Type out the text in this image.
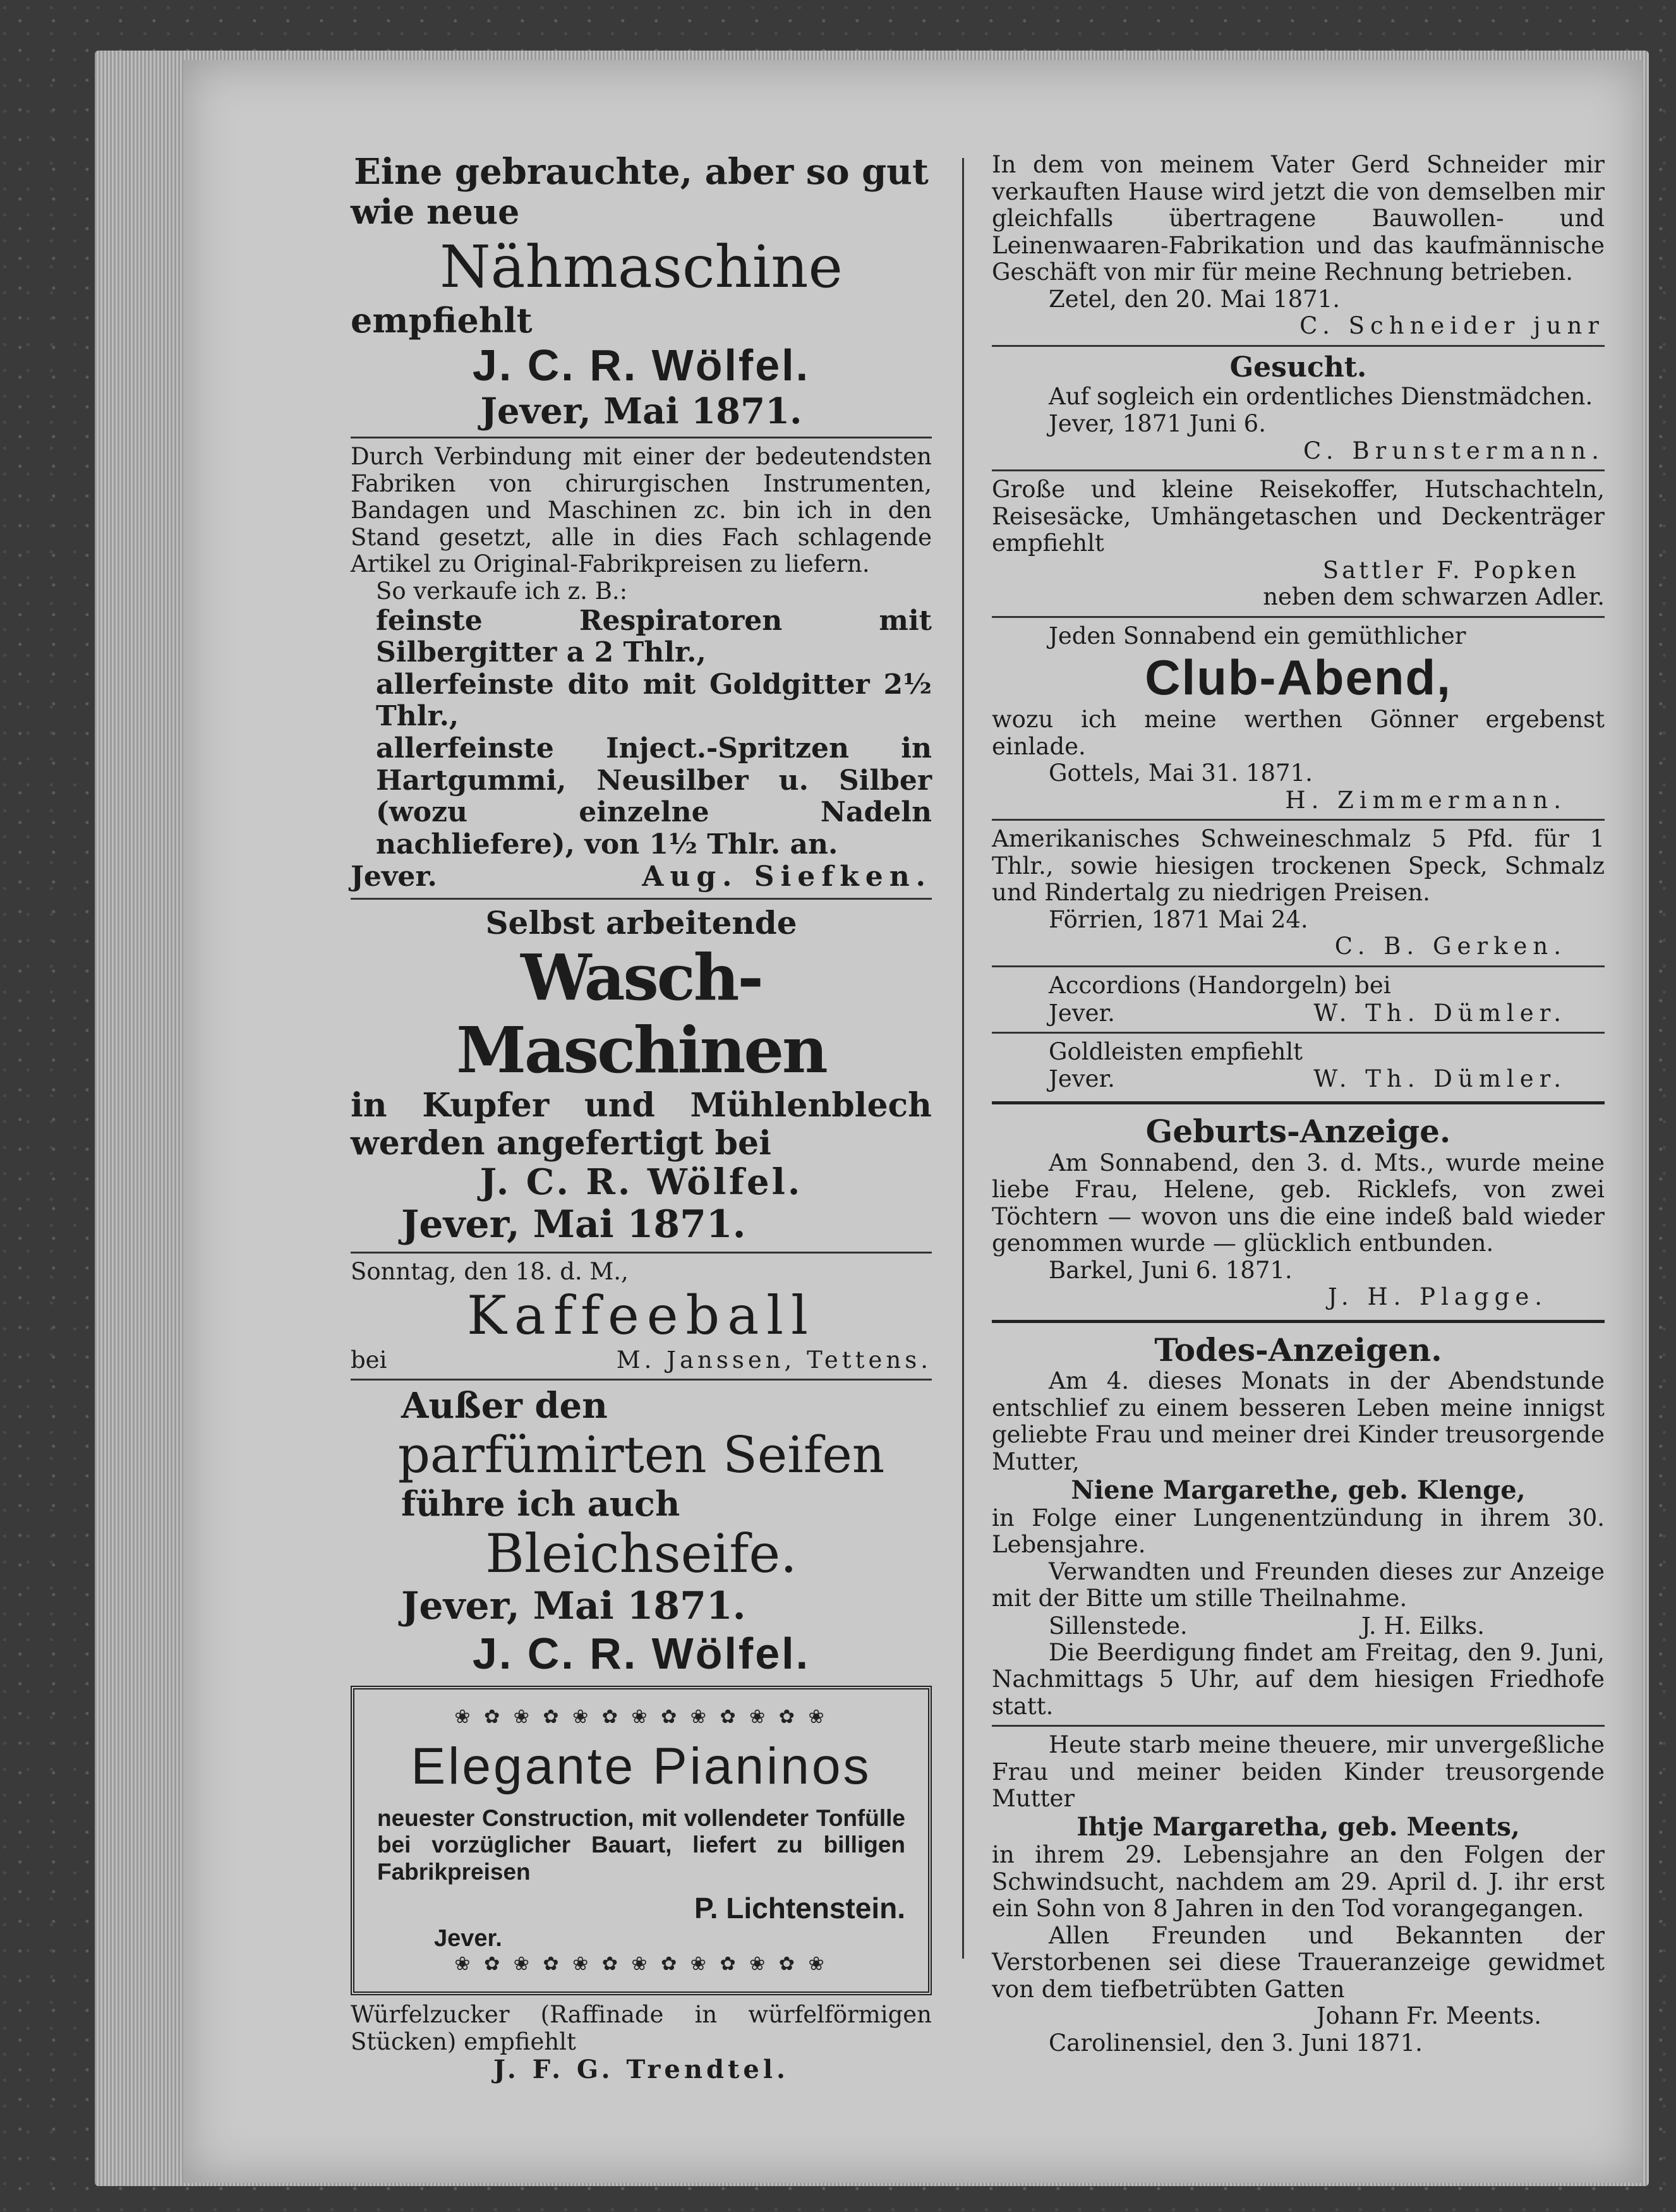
Eine gebrauchte, aber so gut

wie neue

Nähmaschine

empfiehlt

J. C. R. Wölfel.

Jever, Mai 1871.

Durch Verbindung mit einer der bedeutendsten Fabriken von chirurgischen Instrumenten, Bandagen und Maschinen zc. bin ich in den Stand gesetzt, alle in dies Fach schlagende Artikel zu Original-Fabrikpreisen zu liefern.

So verkaufe ich z. B.:

feinste Respiratoren mit Silbergitter a 2 Thlr.,

allerfeinste dito mit Goldgitter 2½ Thlr.,

allerfeinste Inject.-Spritzen in Hartgummi, Neusilber u. Silber (wozu einzelne Nadeln nachliefere), von 1½ Thlr. an.

Jever.	Aug. Siefken.

Selbst arbeitende

Wasch-Maschinen

in Kupfer und Mühlenblech werden angefertigt bei

J. C. R. Wölfel.

Jever, Mai 1871.

Sonntag, den 18. d. M.,

Kaffeeball

bei	M. Janssen, Tettens.

Außer den

parfümirten Seifen

führe ich auch

Bleichseife.

Jever, Mai 1871.

J. C. R. Wölfel.

❀ ✿ ❀ ✿ ❀ ✿ ❀ ✿ ❀ ✿ ❀ ✿ ❀

Elegante Pianinos

neuester Construction, mit vollendeter Tonfülle bei vorzüglicher Bauart, liefert zu billigen Fabrikpreisen

P. Lichtenstein.

Jever.

❀ ✿ ❀ ✿ ❀ ✿ ❀ ✿ ❀ ✿ ❀ ✿ ❀

Würfelzucker (Raffinade in würfelförmigen Stücken) empfiehlt

J. F. G. Trendtel.

In dem von meinem Vater Gerd Schneider mir verkauften Hause wird jetzt die von demselben mir gleichfalls übertragene Bauwollen- und Leinenwaaren-Fabrikation und das kaufmännische Geschäft von mir für meine Rechnung betrieben.

Zetel, den 20. Mai 1871.

C. Schneider junr

Gesucht.

Auf sogleich ein ordentliches Dienstmädchen.

Jever, 1871 Juni 6.

C. Brunstermann.

Große und kleine Reisekoffer, Hutschachteln, Reisesäcke, Umhängetaschen und Deckenträger empfiehlt

Sattler F. Popken

neben dem schwarzen Adler.

Jeden Sonnabend ein gemüthlicher

Club-Abend,

wozu ich meine werthen Gönner ergebenst einlade.

Gottels, Mai 31. 1871.

H. Zimmermann.

Amerikanisches Schweineschmalz 5 Pfd. für 1 Thlr., sowie hiesigen trockenen Speck, Schmalz und Rindertalg zu niedrigen Preisen.

Förrien, 1871 Mai 24.

C. B. Gerken.

Accordions (Handorgeln) bei

Jever.	W. Th. Dümler.

Goldleisten empfiehlt

Jever.	W. Th. Dümler.

Geburts-Anzeige.

Am Sonnabend, den 3. d. Mts., wurde meine liebe Frau, Helene, geb. Ricklefs, von zwei Töchtern — wovon uns die eine indeß bald wieder genommen wurde — glücklich entbunden.

Barkel, Juni 6. 1871.

J. H. Plagge.

Todes-Anzeigen.

Am 4. dieses Monats in der Abendstunde entschlief zu einem besseren Leben meine innigst geliebte Frau und meiner drei Kinder treusorgende Mutter,

Niene Margarethe, geb. Klenge,

in Folge einer Lungenentzündung in ihrem 30. Lebensjahre.

Verwandten und Freunden dieses zur Anzeige mit der Bitte um stille Theilnahme.

Sillenstede.	J. H. Eilks.

Die Beerdigung findet am Freitag, den 9. Juni, Nachmittags 5 Uhr, auf dem hiesigen Friedhofe statt.

Heute starb meine theuere, mir unvergeßliche Frau und meiner beiden Kinder treusorgende Mutter

Ihtje Margaretha, geb. Meents,

in ihrem 29. Lebensjahre an den Folgen der Schwindsucht, nachdem am 29. April d. J. ihr erst ein Sohn von 8 Jahren in den Tod vorangegangen.

Allen Freunden und Bekannten der Verstorbenen sei diese Traueranzeige gewidmet von dem tiefbetrübten Gatten

Johann Fr. Meents.

Carolinensiel, den 3. Juni 1871.
